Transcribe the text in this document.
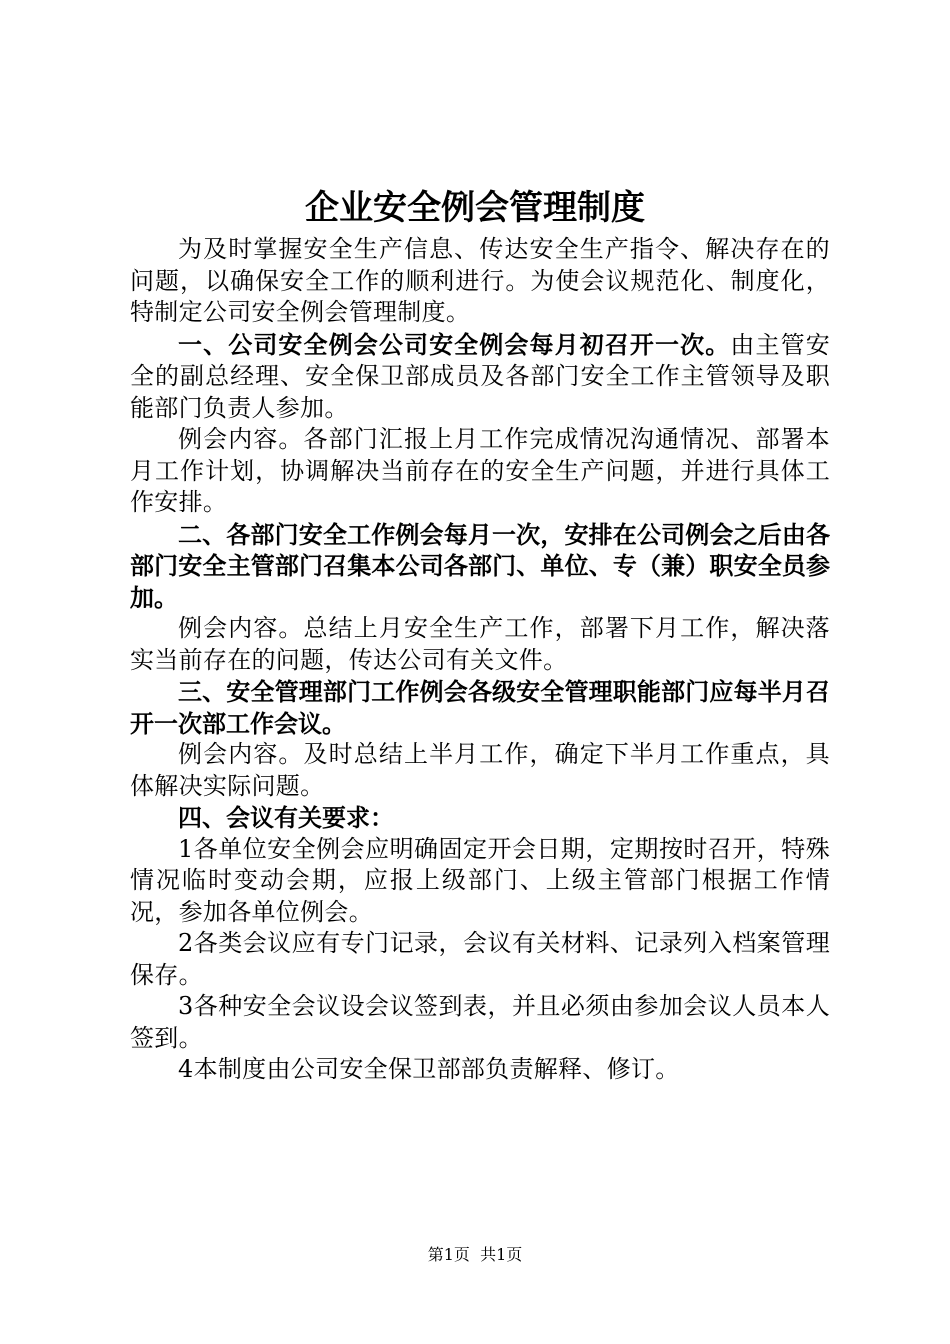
企业安全例会管理制度

为及时掌握安全生产信息、传达安全生产指令、解决存在的问题，以确保安全工作的顺利进行。为使会议规范化、制度化，特制定公司安全例会管理制度。

一、公司安全例会公司安全例会每月初召开一次。由主管安全的副总经理、安全保卫部成员及各部门安全工作主管领导及职能部门负责人参加。

例会内容。各部门汇报上月工作完成情况沟通情况、部署本月工作计划，协调解决当前存在的安全生产问题，并进行具体工作安排。

二、各部门安全工作例会每月一次，安排在公司例会之后由各部门安全主管部门召集本公司各部门、单位、专（兼）职安全员参加。

例会内容。总结上月安全生产工作，部署下月工作，解决落实当前存在的问题，传达公司有关文件。

三、安全管理部门工作例会各级安全管理职能部门应每半月召开一次部工作会议。

例会内容。及时总结上半月工作，确定下半月工作重点，具体解决实际问题。

四、会议有关要求：

1各单位安全例会应明确固定开会日期，定期按时召开，特殊情况临时变动会期，应报上级部门、上级主管部门根据工作情况，参加各单位例会。

2各类会议应有专门记录，会议有关材料、记录列入档案管理保存。

3各种安全会议设会议签到表，并且必须由参加会议人员本人签到。

4本制度由公司安全保卫部部负责解释、修订。

第1页 共1页
